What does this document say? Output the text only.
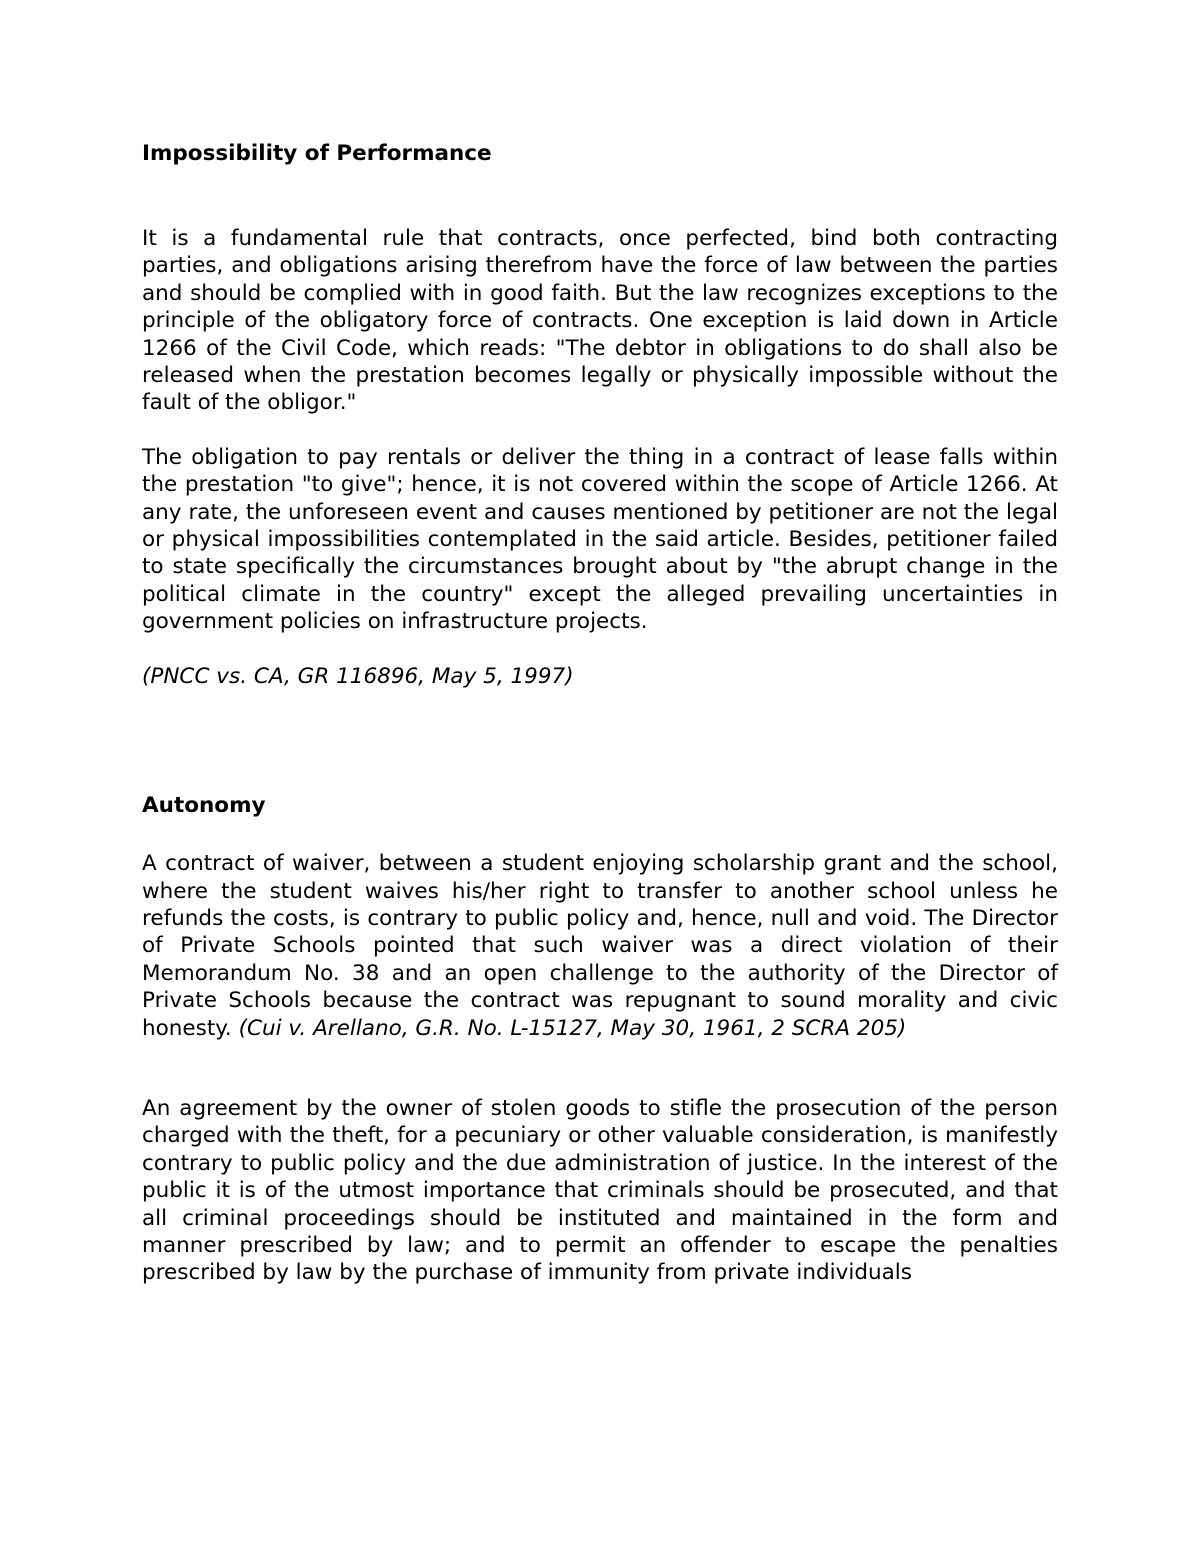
Impossibility of Performance

It is a fundamental rule that contracts, once perfected, bind both contracting parties, and obligations arising therefrom have the force of law between the parties and should be complied with in good faith. But the law recognizes exceptions to the principle of the obligatory force of contracts. One exception is laid down in Article 1266 of the Civil Code, which reads: "The debtor in obligations to do shall also be released when the prestation becomes legally or physically impossible without the fault of the obligor."

The obligation to pay rentals or deliver the thing in a contract of lease falls within the prestation "to give"; hence, it is not covered within the scope of Article 1266. At any rate, the unforeseen event and causes mentioned by petitioner are not the legal or physical impossibilities contemplated in the said article. Besides, petitioner failed to state specifically the circumstances brought about by "the abrupt change in the political climate in the country" except the alleged prevailing uncertainties in government policies on infrastructure projects.

(PNCC vs. CA, GR 116896, May 5, 1997)

Autonomy

A contract of waiver, between a student enjoying scholarship grant and the school, where the student waives his/her right to transfer to another school unless he refunds the costs, is contrary to public policy and, hence, null and void. The Director of Private Schools pointed that such waiver was a direct violation of their Memorandum No. 38 and an open challenge to the authority of the Director of Private Schools because the contract was repugnant to sound morality and civic honesty. (Cui v. Arellano, G.R. No. L-15127, May 30, 1961, 2 SCRA 205)

An agreement by the owner of stolen goods to stifle the prosecution of the person charged with the theft, for a pecuniary or other valuable consideration, is manifestly contrary to public policy and the due administration of justice. In the interest of the public it is of the utmost importance that criminals should be prosecuted, and that all criminal proceedings should be instituted and maintained in the form and manner prescribed by law; and to permit an offender to escape the penalties prescribed by law by the purchase of immunity from private individuals
